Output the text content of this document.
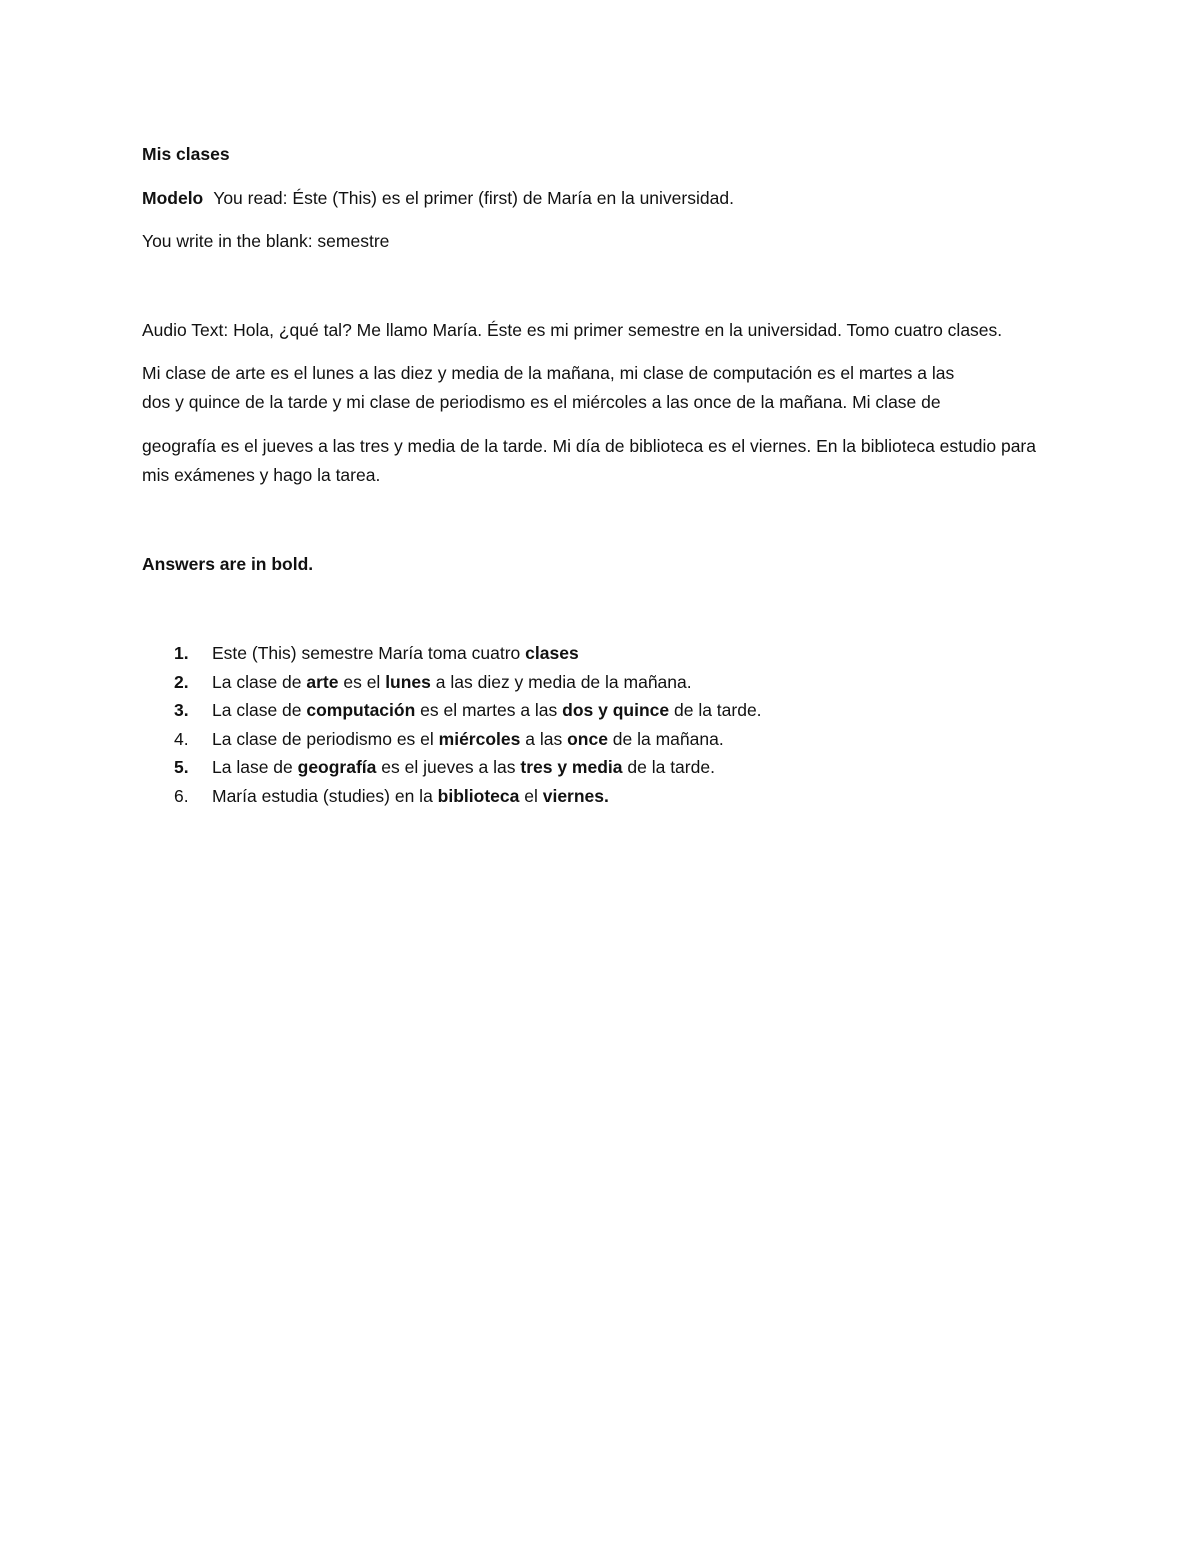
Mis clases

Modelo You read: Éste (This) es el primer (first) de María en la universidad.

You write in the blank: semestre

Audio Text: Hola, ¿qué tal? Me llamo María. Éste es mi primer semestre en la universidad. Tomo cuatro clases.

Mi clase de arte es el lunes a las diez y media de la mañana, mi clase de computación es el martes a las

dos y quince de la tarde y mi clase de periodismo es el miércoles a las once de la mañana. Mi clase de

geografía es el jueves a las tres y media de la tarde. Mi día de biblioteca es el viernes. En la biblioteca estudio para mis exámenes y hago la tarea.

Answers are in bold.

1. Este (This) semestre María toma cuatro clases
2. La clase de arte es el lunes a las diez y media de la mañana.
3. La clase de computación es el martes a las dos y quince de la tarde.
4. La clase de periodismo es el miércoles a las once de la mañana.
5. La lase de geografía es el jueves a las tres y media de la tarde.
6. María estudia (studies) en la biblioteca el viernes.
